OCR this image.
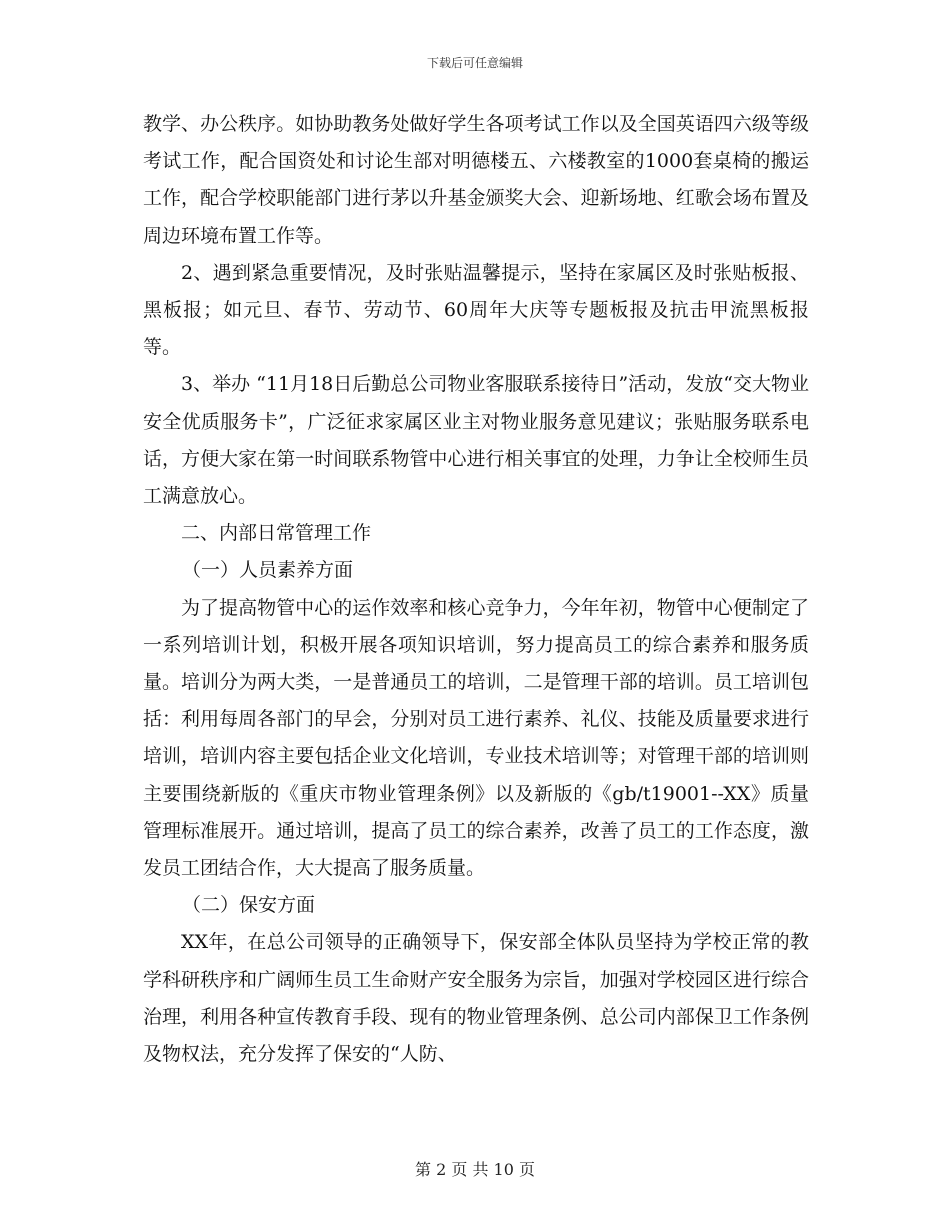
下载后可任意编辑

教学、办公秩序。如协助教务处做好学生各项考试工作以及全国英语四六级等级考试工作，配合国资处和讨论生部对明德楼五、六楼教室的1000套桌椅的搬运工作，配合学校职能部门进行茅以升基金颁奖大会、迎新场地、红歌会场布置及周边环境布置工作等。

2、遇到紧急重要情况，及时张贴温馨提示，坚持在家属区及时张贴板报、黑板报；如元旦、春节、劳动节、60周年大庆等专题板报及抗击甲流黑板报等。

3、举办 “11月18日后勤总公司物业客服联系接待日”活动，发放“交大物业安全优质服务卡”，广泛征求家属区业主对物业服务意见建议；张贴服务联系电话，方便大家在第一时间联系物管中心进行相关事宜的处理，力争让全校师生员工满意放心。

二、内部日常管理工作

（一）人员素养方面

为了提高物管中心的运作效率和核心竞争力，今年年初，物管中心便制定了一系列培训计划，积极开展各项知识培训，努力提高员工的综合素养和服务质量。培训分为两大类，一是普通员工的培训，二是管理干部的培训。员工培训包括：利用每周各部门的早会，分别对员工进行素养、礼仪、技能及质量要求进行培训，培训内容主要包括企业文化培训，专业技术培训等；对管理干部的培训则主要围绕新版的《重庆市物业管理条例》以及新版的《gb/t19001--XX》质量管理标准展开。通过培训，提高了员工的综合素养，改善了员工的工作态度，激发员工团结合作，大大提高了服务质量。

（二）保安方面

XX年，在总公司领导的正确领导下，保安部全体队员坚持为学校正常的教学科研秩序和广阔师生员工生命财产安全服务为宗旨，加强对学校园区进行综合治理，利用各种宣传教育手段、现有的物业管理条例、总公司内部保卫工作条例及物权法，充分发挥了保安的“人防、

第 2 页 共 10 页
